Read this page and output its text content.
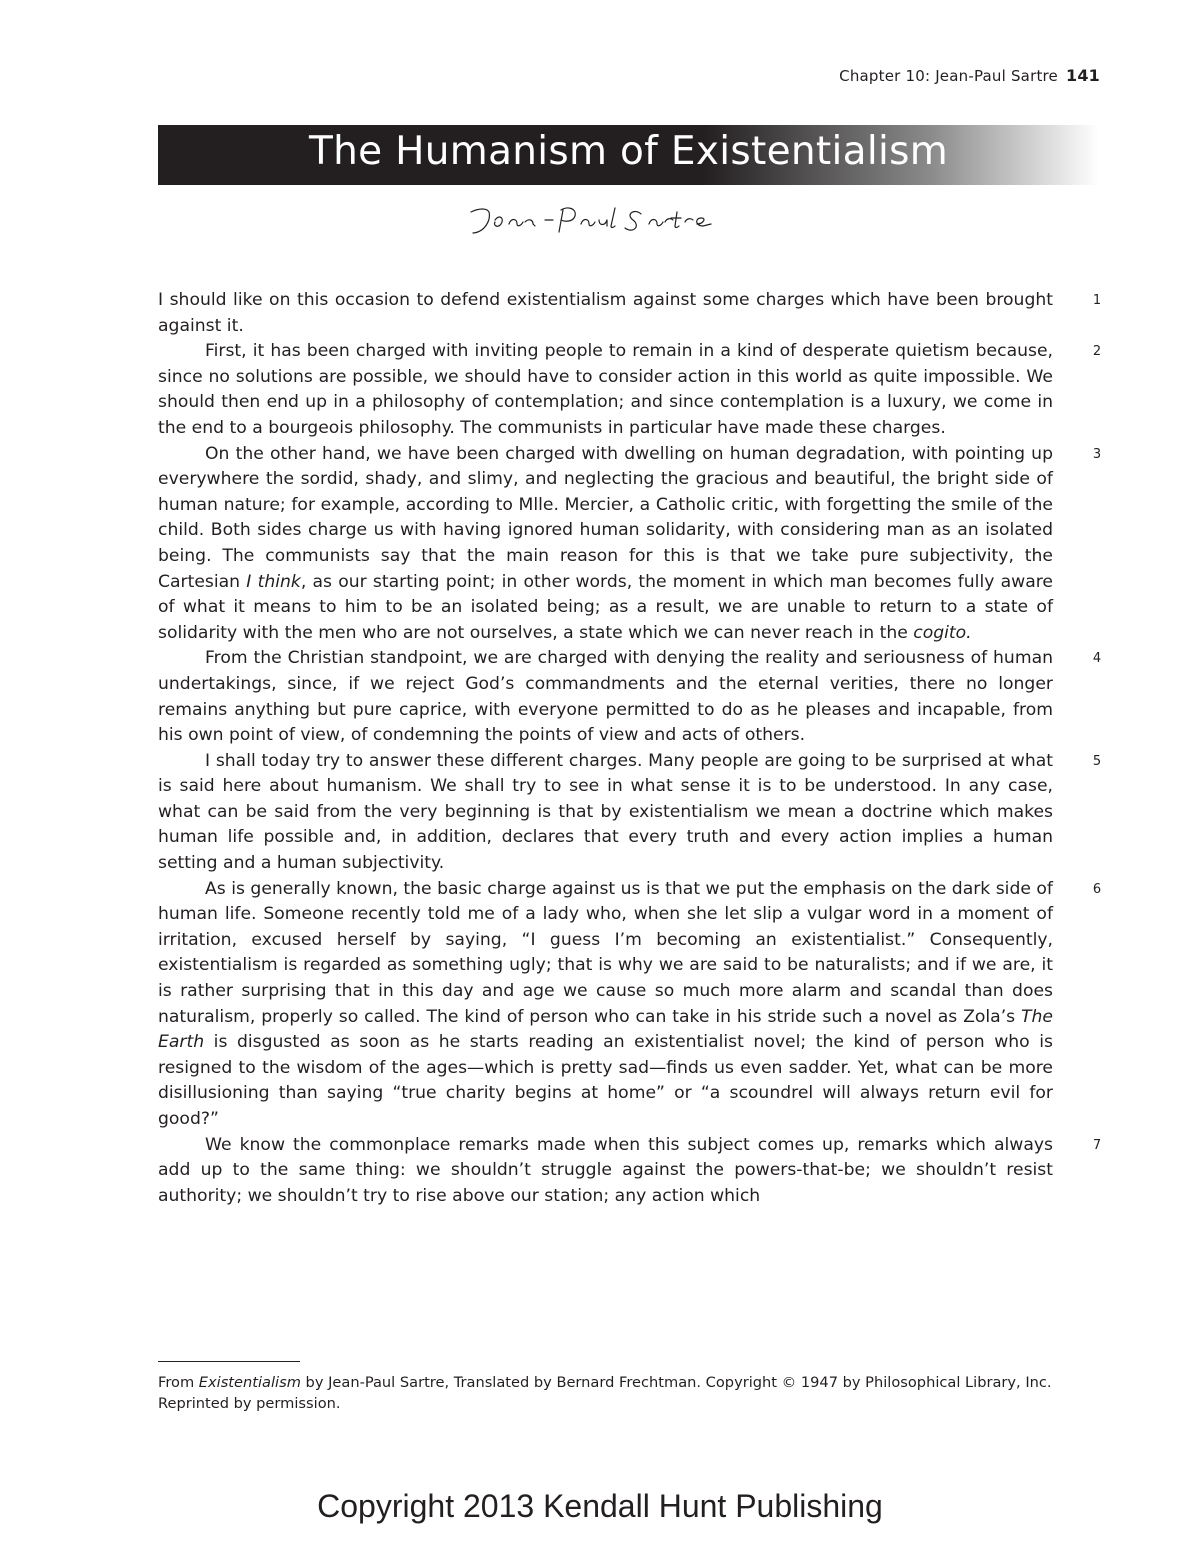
Chapter 10: Jean-Paul Sartre 141
The Humanism of Existentialism

I should like on this occasion to defend existentialism against some charges which have been brought against it.
1

First, it has been charged with inviting people to remain in a kind of desperate quietism because, since no solutions are possible, we should have to consider action in this world as quite impossible. We should then end up in a philosophy of contemplation; and since contemplation is a luxury, we come in the end to a bourgeois philosophy. The communists in particular have made these charges.
2

On the other hand, we have been charged with dwelling on human degradation, with pointing up everywhere the sordid, shady, and slimy, and neglecting the gracious and beautiful, the bright side of human nature; for example, according to Mlle. Mercier, a Catholic critic, with forgetting the smile of the child. Both sides charge us with having ignored human solidarity, with considering man as an isolated being. The communists say that the main reason for this is that we take pure subjectivity, the Cartesian I think, as our starting point; in other words, the moment in which man becomes fully aware of what it means to him to be an isolated being; as a result, we are unable to return to a state of solidarity with the men who are not ourselves, a state which we can never reach in the cogito.
3

From the Christian standpoint, we are charged with denying the reality and seriousness of human undertakings, since, if we reject God’s commandments and the eternal verities, there no longer remains anything but pure caprice, with everyone permitted to do as he pleases and incapable, from his own point of view, of condemning the points of view and acts of others.
4

I shall today try to answer these different charges. Many people are going to be surprised at what is said here about humanism. We shall try to see in what sense it is to be understood. In any case, what can be said from the very beginning is that by existentialism we mean a doctrine which makes human life possible and, in addition, declares that every truth and every action implies a human setting and a human subjectivity.
5

As is generally known, the basic charge against us is that we put the emphasis on the dark side of human life. Someone recently told me of a lady who, when she let slip a vulgar word in a moment of irritation, excused herself by saying, “I guess I’m becoming an existentialist.” Consequently, existentialism is regarded as something ugly; that is why we are said to be naturalists; and if we are, it is rather surprising that in this day and age we cause so much more alarm and scandal than does naturalism, properly so called. The kind of person who can take in his stride such a novel as Zola’s The Earth is disgusted as soon as he starts reading an existentialist novel; the kind of person who is resigned to the wisdom of the ages—which is pretty sad—finds us even sadder. Yet, what can be more disillusioning than saying “true charity begins at home” or “a scoundrel will always return evil for good?”
6

We know the commonplace remarks made when this subject comes up, remarks which always add up to the same thing: we shouldn’t struggle against the powers-that-be; we shouldn’t resist authority; we shouldn’t try to rise above our station; any action which
7

From Existentialism by Jean-Paul Sartre, Translated by Bernard Frechtman. Copyright © 1947 by Philosophical Library, Inc. Reprinted by permission.
Copyright 2013 Kendall Hunt Publishing
